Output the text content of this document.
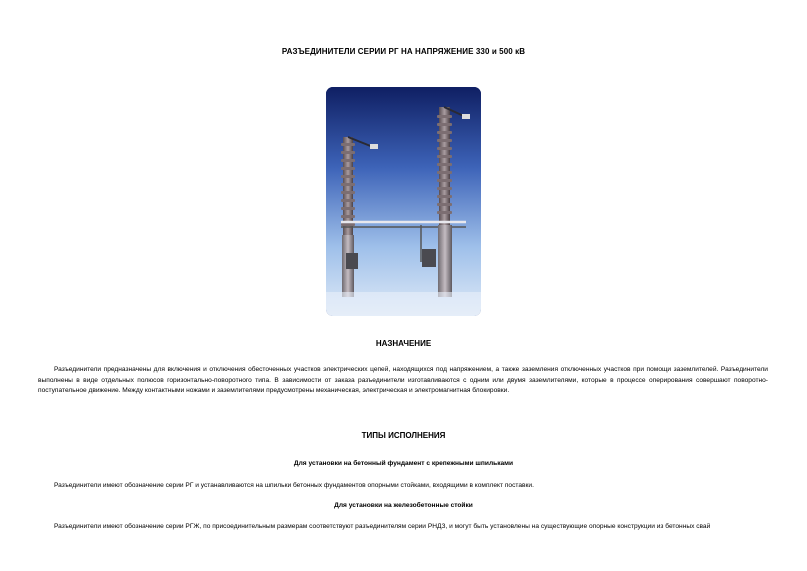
РАЗЪЕДИНИТЕЛИ СЕРИИ РГ НА НАПРЯЖЕНИЕ 330 и 500 кВ
НАЗНАЧЕНИЕ
Разъединители предназначены для включения и отключения обесточенных участков электрических цепей, находящихся под напряжением, а также заземления отключенных участков при помощи заземлителей. Разъединители выполнены в виде отдельных полюсов горизонтально-поворотного типа. В зависимости от заказа разъединители изготавливаются с одним или двумя заземлителями, которые в процессе оперирования совершают поворотно-поступательное движение. Между контактными ножами и заземлителями предусмотрены механическая, электрическая и электромагнитная блокировки.
ТИПЫ ИСПОЛНЕНИЯ
Для установки на бетонный фундамент с крепежными шпильками
Разъединители имеют обозначение серии РГ и устанавливаются на шпильки бетонных фундаментов опорными стойками, входящими в комплект поставки.
Для установки на железобетонные стойки
Разъединители имеют обозначение серии РГЖ, по присоединительным размерам соответствуют разъединителям серии РНДЗ, и могут быть установлены на существующие опорные конструкции из бетонных свай
